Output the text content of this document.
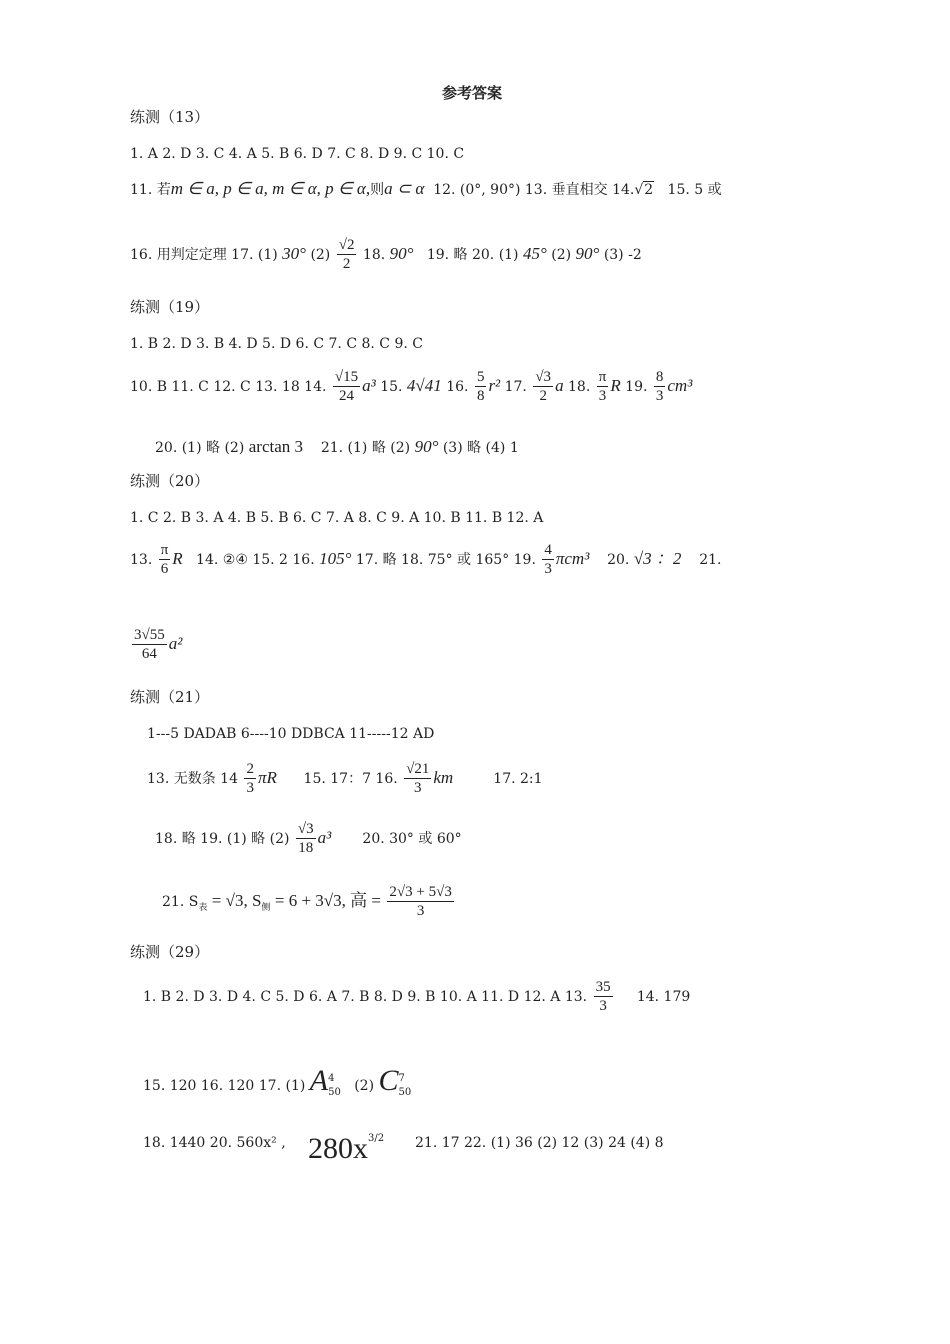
参考答案
练测（13）
1. A 2. D 3. C 4. A 5. B 6. D 7. C 8. D 9. C 10. C
11. 若m ∈ a, p ∈ a, m ∈ α, p ∈ α,则a ⊂ α 12. (0°, 90°) 13. 垂直相交 14.√2 15. 5 或
16. 用判定定理 17. (1) 30° $(2) \frac{√2}{2} 18$. 90° 19. 略 20. (1) 45° (2) 90° (3) -2
练测（19）
1. B 2. D 3. B 4. D 5. D 6. C 7. C 8. C 9. C
10. B 11. C 12. C 13. 18 14. $\frac{√15}{24} a^3$ 15. 4√41 16. $\frac{5}{8} r^2$ 17. $\frac{√3}{2}$ a 18. $\frac{\pi}{3}$ R 19. $\frac{8}{3} cm^3$
20. (1) 略 (2) arctan 3 21. (1) 略 (2) 90° (3) 略 (4) 1
练测（20）
1. C 2. B 3. A 4. B 5. B 6. C 7. A 8. C 9. A 10. B 11. B 12. A
13. $\frac{\pi}{6}$ R 14. ②④ 15. 2 16. 105° 17. 略 18. 75° 或 165° 19. $\frac{4}{3} \pi cm^3$ 20. √3 ：2 21.
$\frac{3√55}{64} a^2$
练测（21）
1---5 DADAB 6----10 DDBCA 11-----12 AD
13. 无数条 $14 \frac{2}{3}$ πR 15. 17：7 16. $\frac{√21}{3}$ km	17. 2:1
18. 略 19. (1) 略 $(2) \frac{√3}{18} a^3$ 20. 30° 或 60°
21. $S_表 = √3$, $S_侧 = 6 + 3√3$, 高 = $\frac{2√3 + 5√3}{3}$
练测（29）
1. B 2. D 3. D 4. C 5. D 6. A 7. B 8. D 9. B 10. A 11. D 12. A 13. $\frac{35}{3} 14$. 179
15. 120 16. 120 17. (1) A 4
50 (2) C 7
50
18. 1440 20. 560x² , $280x^{3/2}$ 21. 17 22. (1) 36 (2) 12 (3) 24 (4) 8
